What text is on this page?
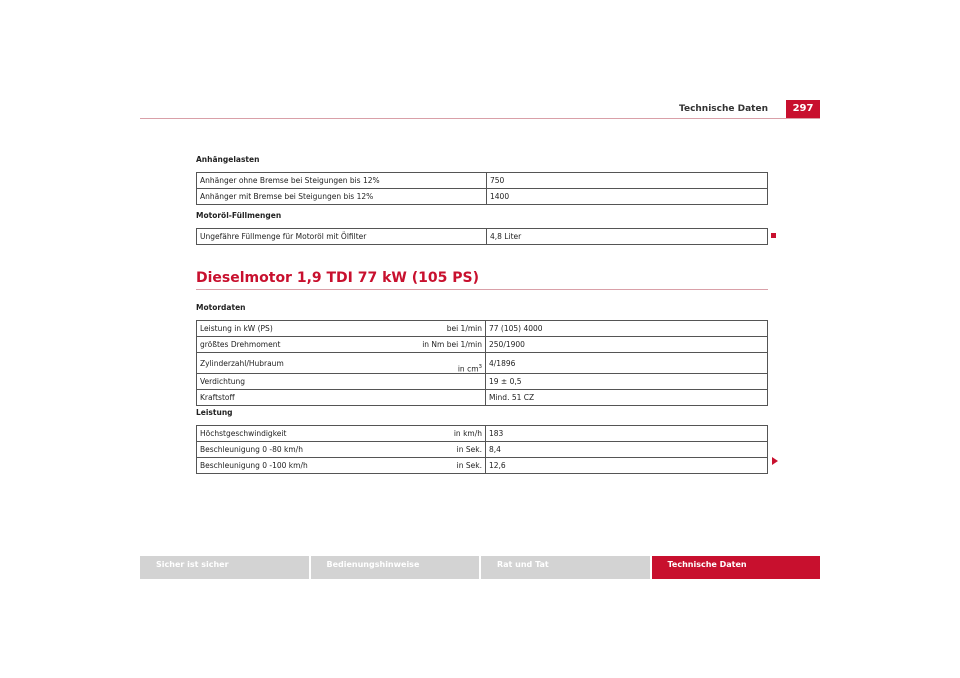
Technische Daten	297
Anhängelasten
Anhänger ohne Bremse bei Steigungen bis 12%	750
Anhänger mit Bremse bei Steigungen bis 12%	1400
Motoröl-Füllmengen
Ungefähre Füllmenge für Motoröl mit Ölfilter	4,8 Liter
Dieselmotor 1,9 TDI 77 kW (105 PS)
Motordaten
Leistung in kW (PS)	bei 1/min	77 (105) 4000
größtes Drehmoment	in Nm bei 1/min	250/1900
Zylinderzahl/Hubraum	in $cm^3$	4/1896
Verdichtung		19 ± 0,5
Kraftstoff		Mind. 51 CZ
Leistung
Höchstgeschwindigkeit	in km/h	183
Beschleunigung 0 -80 km/h	in Sek.	8,4
Beschleunigung 0 -100 km/h	in Sek.	12,6
Sicher ist sicher	Bedienungshinweise	Rat und Tat	Technische Daten
